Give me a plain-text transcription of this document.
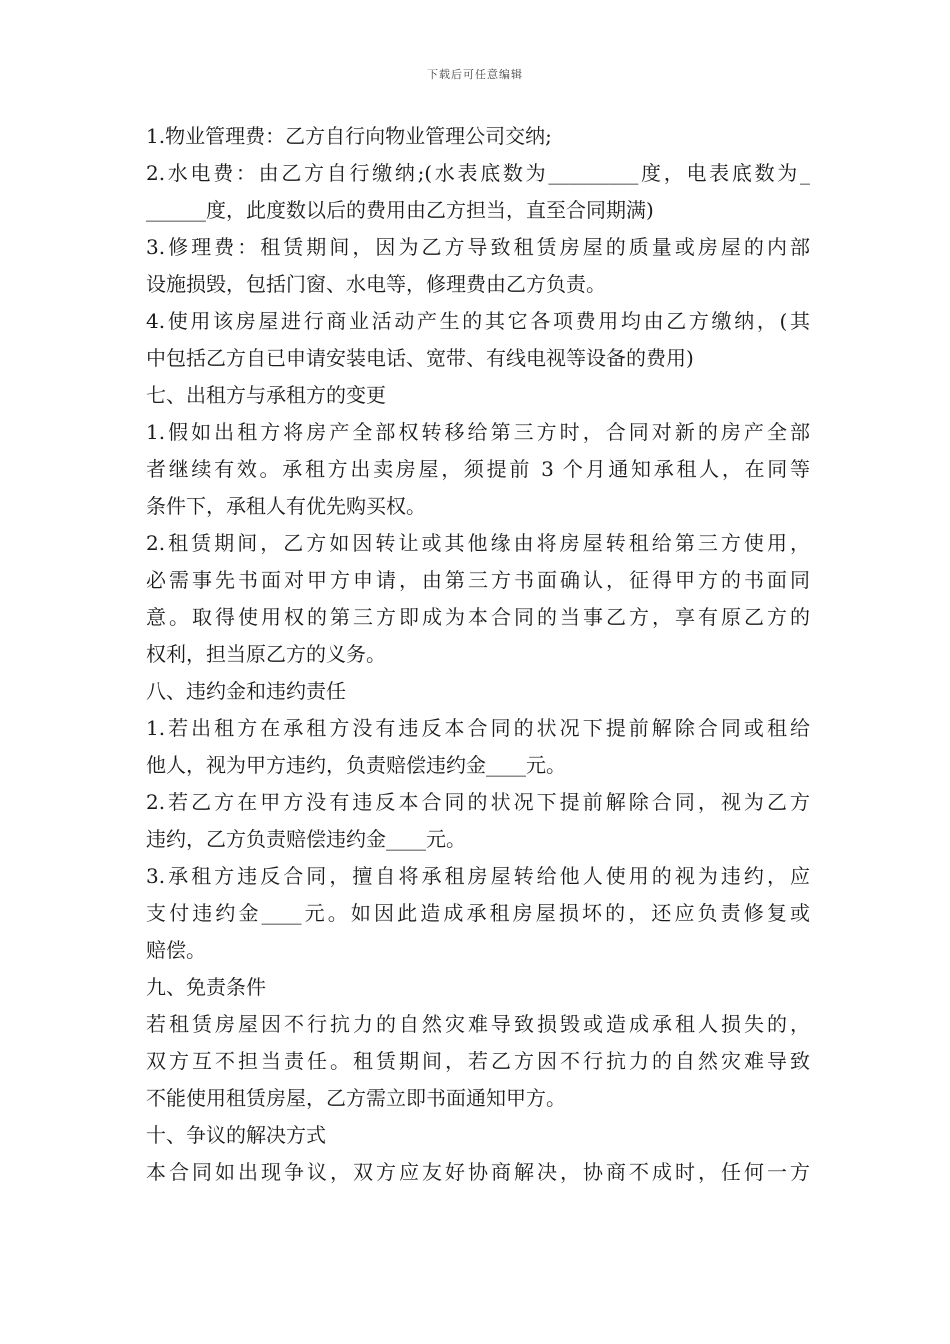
下载后可任意编辑
1.物业管理费：乙方自行向物业管理公司交纳;
2.水电费：由乙方自行缴纳;(水表底数为_________度，电表底数为_
______度，此度数以后的费用由乙方担当，直至合同期满)
3.修理费：租赁期间，因为乙方导致租赁房屋的质量或房屋的内部
设施损毁，包括门窗、水电等，修理费由乙方负责。
4.使用该房屋进行商业活动产生的其它各项费用均由乙方缴纳，(其
中包括乙方自已申请安装电话、宽带、有线电视等设备的费用)
七、出租方与承租方的变更
1.假如出租方将房产全部权转移给第三方时，合同对新的房产全部
者继续有效。承租方出卖房屋，须提前 3 个月通知承租人，在同等
条件下，承租人有优先购买权。
2.租赁期间，乙方如因转让或其他缘由将房屋转租给第三方使用，
必需事先书面对甲方申请，由第三方书面确认，征得甲方的书面同
意。取得使用权的第三方即成为本合同的当事乙方，享有原乙方的
权利，担当原乙方的义务。
八、违约金和违约责任
1.若出租方在承租方没有违反本合同的状况下提前解除合同或租给
他人，视为甲方违约，负责赔偿违约金____元。
2.若乙方在甲方没有违反本合同的状况下提前解除合同，视为乙方
违约，乙方负责赔偿违约金____元。
3.承租方违反合同，擅自将承租房屋转给他人使用的视为违约，应
支付违约金____元。如因此造成承租房屋损坏的，还应负责修复或
赔偿。
九、免责条件
若租赁房屋因不行抗力的自然灾难导致损毁或造成承租人损失的，
双方互不担当责任。租赁期间，若乙方因不行抗力的自然灾难导致
不能使用租赁房屋，乙方需立即书面通知甲方。
十、争议的解决方式
本合同如出现争议，双方应友好协商解决，协商不成时，任何一方
